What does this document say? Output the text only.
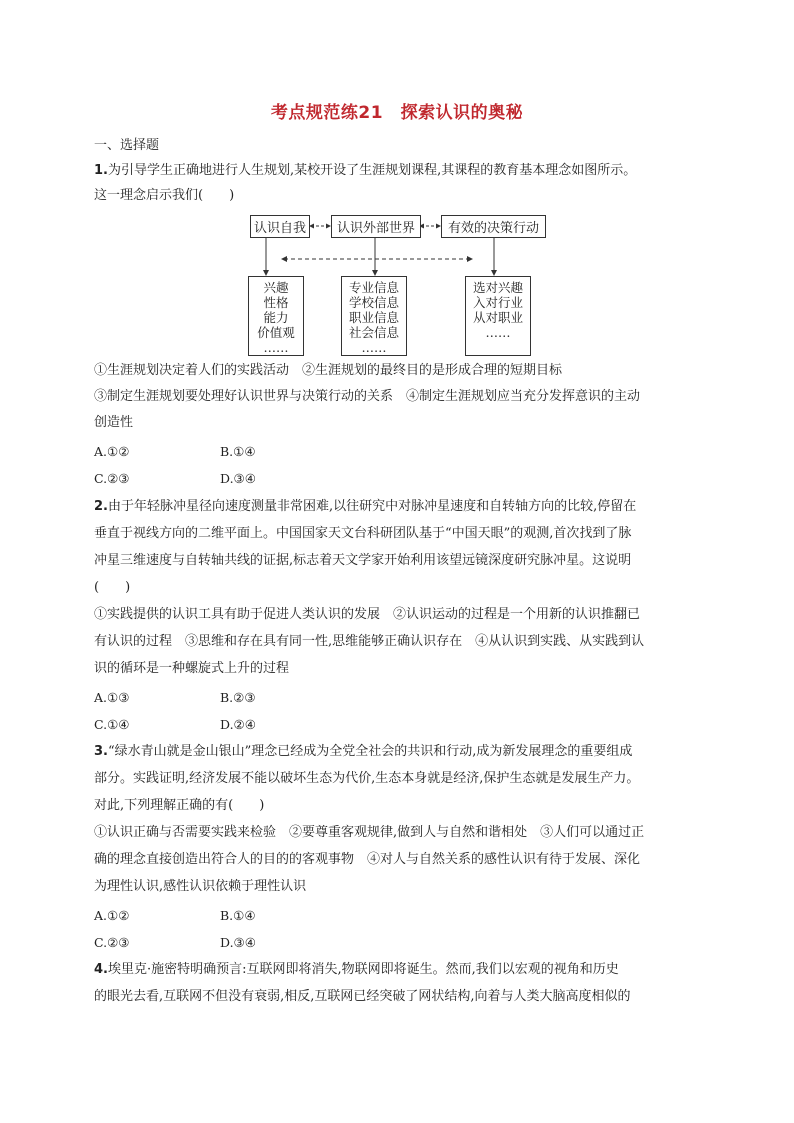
考点规范练21　探索认识的奥秘
一、选择题
1.为引导学生正确地进行人生规划,某校开设了生涯规划课程,其课程的教育基本理念如图所示。
这一理念启示我们(　　)
认识自我	认识外部世界	有效的决策行动
兴趣
性格
能力
价值观
……
专业信息
学校信息
职业信息
社会信息
……
选对兴趣
入对行业
从对职业
……
①生涯规划决定着人们的实践活动　②生涯规划的最终目的是形成合理的短期目标
③制定生涯规划要处理好认识世界与决策行动的关系　④制定生涯规划应当充分发挥意识的主动
创造性
A.①②	B.①④
C.②③	D.③④
2.由于年轻脉冲星径向速度测量非常困难,以往研究中对脉冲星速度和自转轴方向的比较,停留在
垂直于视线方向的二维平面上。中国国家天文台科研团队基于“中国天眼”的观测,首次找到了脉
冲星三维速度与自转轴共线的证据,标志着天文学家开始利用该望远镜深度研究脉冲星。这说明
(　　)
①实践提供的认识工具有助于促进人类认识的发展　②认识运动的过程是一个用新的认识推翻已
有认识的过程　③思维和存在具有同一性,思维能够正确认识存在　④从认识到实践、从实践到认
识的循环是一种螺旋式上升的过程
A.①③	B.②③
C.①④	D.②④
3.“绿水青山就是金山银山”理念已经成为全党全社会的共识和行动,成为新发展理念的重要组成
部分。实践证明,经济发展不能以破坏生态为代价,生态本身就是经济,保护生态就是发展生产力。
对此,下列理解正确的有(　　)
①认识正确与否需要实践来检验　②要尊重客观规律,做到人与自然和谐相处　③人们可以通过正
确的理念直接创造出符合人的目的的客观事物　④对人与自然关系的感性认识有待于发展、深化
为理性认识,感性认识依赖于理性认识
A.①②	B.①④
C.②③	D.③④
4.埃里克·施密特明确预言:互联网即将消失,物联网即将诞生。然而,我们以宏观的视角和历史
的眼光去看,互联网不但没有衰弱,相反,互联网已经突破了网状结构,向着与人类大脑高度相似的
